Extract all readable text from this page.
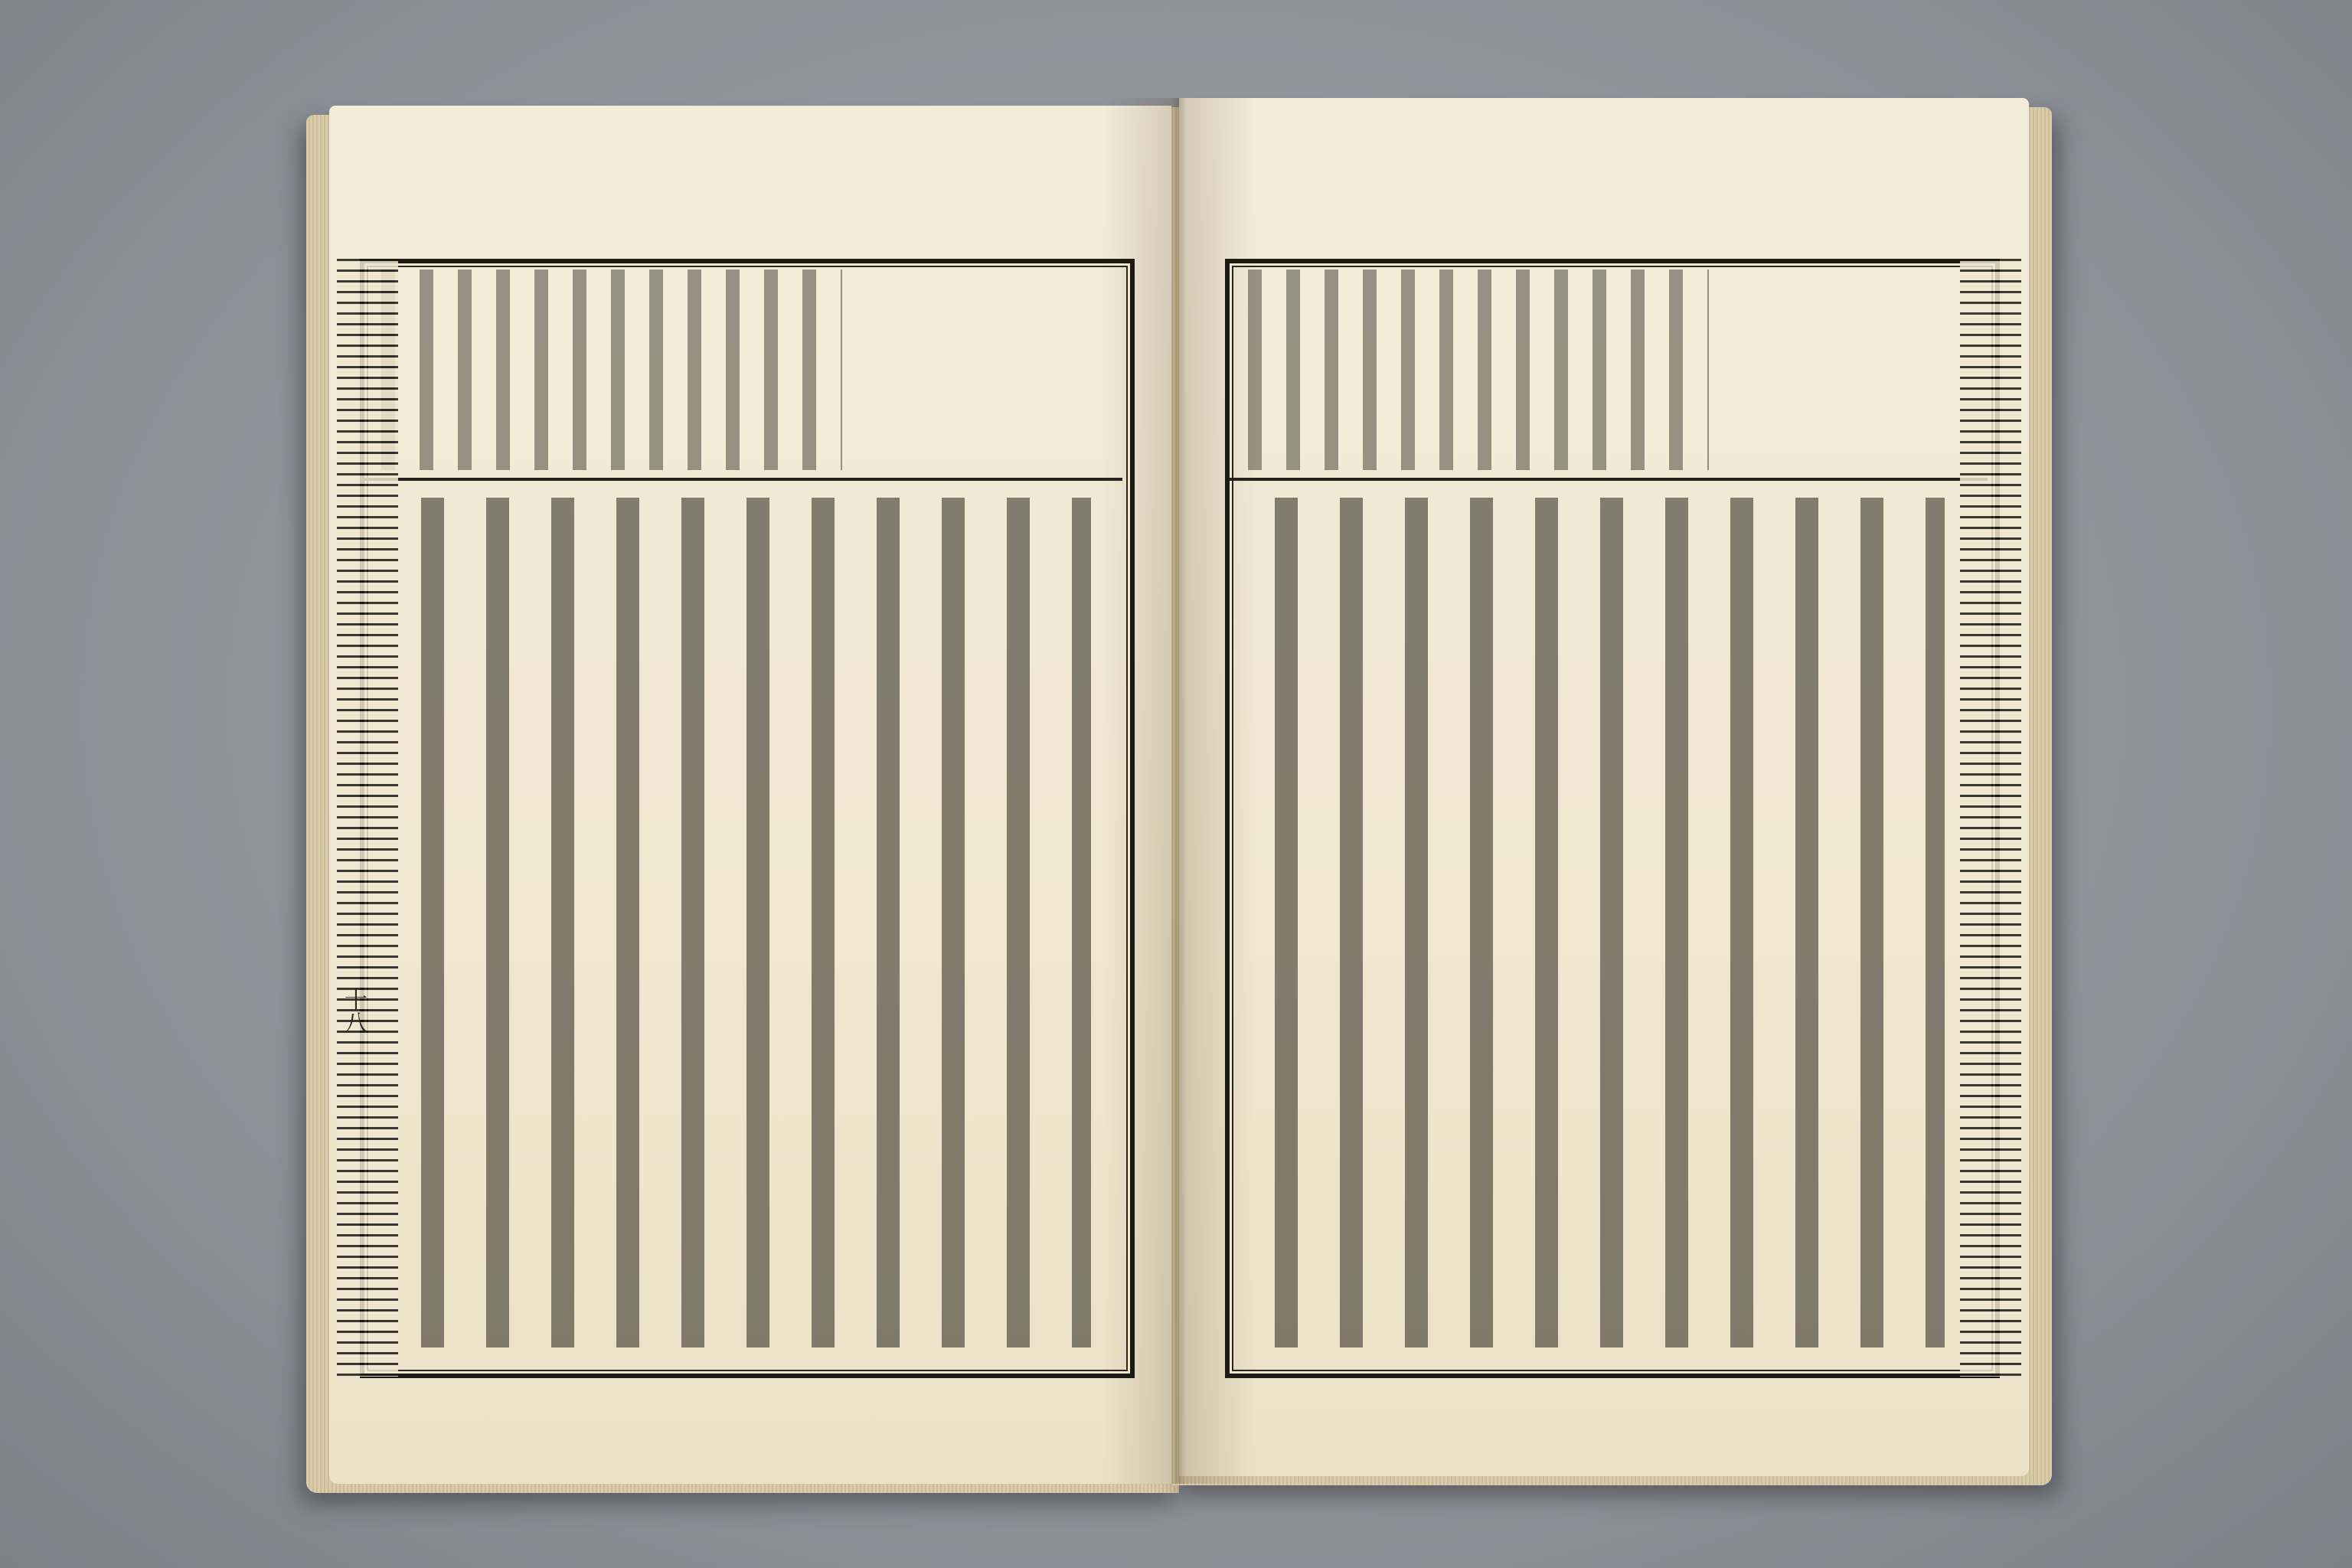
十八
